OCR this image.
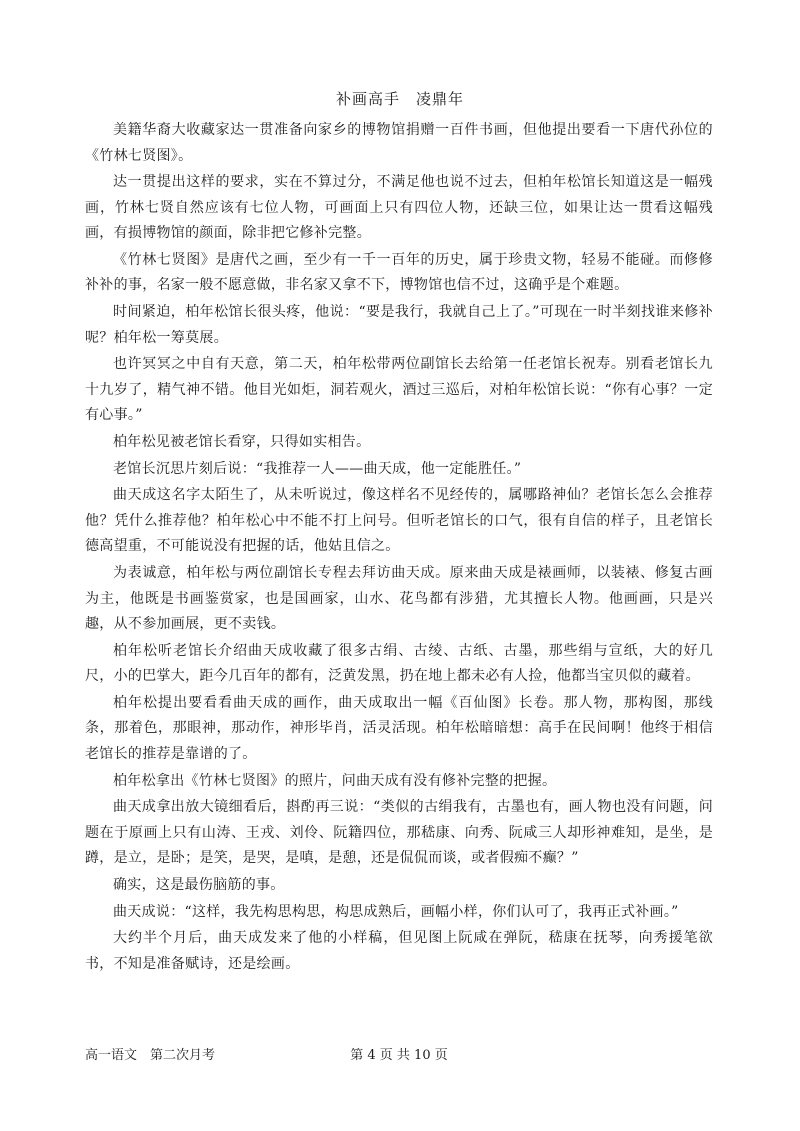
补画高手　凌鼎年

美籍华裔大收藏家达一贯准备向家乡的博物馆捐赠一百件书画，但他提出要看一下唐代孙位的《竹林七贤图》。

达一贯提出这样的要求，实在不算过分，不满足他也说不过去，但柏年松馆长知道这是一幅残画，竹林七贤自然应该有七位人物，可画面上只有四位人物，还缺三位，如果让达一贯看这幅残画，有损博物馆的颜面，除非把它修补完整。

《竹林七贤图》是唐代之画，至少有一千一百年的历史，属于珍贵文物，轻易不能碰。而修修补补的事，名家一般不愿意做，非名家又拿不下，博物馆也信不过，这确乎是个难题。

时间紧迫，柏年松馆长很头疼，他说：“要是我行，我就自己上了。”可现在一时半刻找谁来修补呢？柏年松一筹莫展。

也许冥冥之中自有天意，第二天，柏年松带两位副馆长去给第一任老馆长祝寿。别看老馆长九十九岁了，精气神不错。他目光如炬，洞若观火，酒过三巡后，对柏年松馆长说：“你有心事？一定有心事。”

柏年松见被老馆长看穿，只得如实相告。

老馆长沉思片刻后说：“我推荐一人——曲天成，他一定能胜任。”

曲天成这名字太陌生了，从未听说过，像这样名不见经传的，属哪路神仙？老馆长怎么会推荐他？凭什么推荐他？柏年松心中不能不打上问号。但听老馆长的口气，很有自信的样子，且老馆长德高望重，不可能说没有把握的话，他姑且信之。

为表诚意，柏年松与两位副馆长专程去拜访曲天成。原来曲天成是裱画师，以装裱、修复古画为主，他既是书画鉴赏家，也是国画家，山水、花鸟都有涉猎，尤其擅长人物。他画画，只是兴趣，从不参加画展，更不卖钱。

柏年松听老馆长介绍曲天成收藏了很多古绢、古绫、古纸、古墨，那些绢与宣纸，大的好几尺，小的巴掌大，距今几百年的都有，泛黄发黑，扔在地上都未必有人捡，他都当宝贝似的藏着。

柏年松提出要看看曲天成的画作，曲天成取出一幅《百仙图》长卷。那人物，那构图，那线条，那着色，那眼神，那动作，神形毕肖，活灵活现。柏年松暗暗想：高手在民间啊！他终于相信老馆长的推荐是靠谱的了。

柏年松拿出《竹林七贤图》的照片，问曲天成有没有修补完整的把握。

曲天成拿出放大镜细看后，斟酌再三说：“类似的古绢我有，古墨也有，画人物也没有问题，问题在于原画上只有山涛、王戎、刘伶、阮籍四位，那嵇康、向秀、阮咸三人却形神难知，是坐，是蹲，是立，是卧；是笑，是哭，是嗔，是憩，还是侃侃而谈，或者假痴不癫？”

确实，这是最伤脑筋的事。

曲天成说：“这样，我先构思构思，构思成熟后，画幅小样，你们认可了，我再正式补画。”

大约半个月后，曲天成发来了他的小样稿，但见图上阮咸在弹阮，嵇康在抚琴，向秀援笔欲书，不知是准备赋诗，还是绘画。

高一语文　第二次月考	第 4 页 共 10 页
